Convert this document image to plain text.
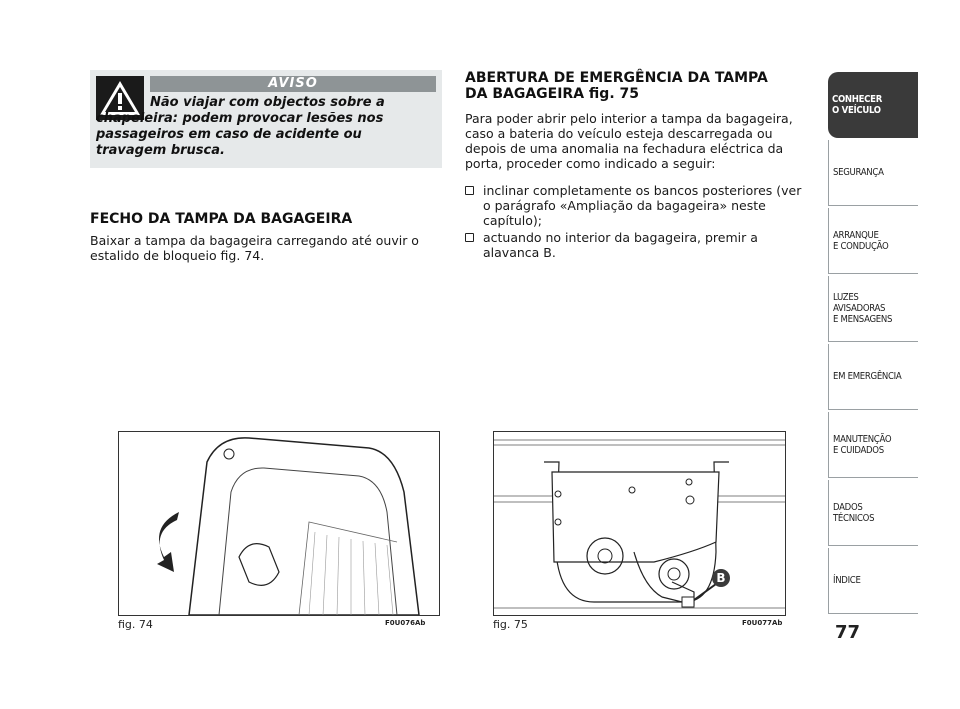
AVISO
Não viajar com objectos sobre a chapeleira: podem provocar lesões nos passageiros em caso de acidente ou travagem brusca.
FECHO DA TAMPA DA BAGAGEIRA
Baixar a tampa da bagageira carregando até ouvir o estalido de bloqueio fig. 74.
ABERTURA DE EMERGÊNCIA DA TAMPA
DA BAGAGEIRA fig. 75
Para poder abrir pelo interior a tampa da bagageira, caso a bateria do veículo esteja descarregada ou depois de uma anomalia na fechadura eléctrica da porta, proceder como indicado a seguir:
inclinar completamente os bancos posteriores (ver o parágrafo «Ampliação da bagageira» neste capítulo);
actuando no interior da bagageira, premir a alavanca B.
fig. 74	F0U076Ab
B
fig. 75	F0U077Ab
CONHECER
O VEÍCULO
SEGURANÇA
ARRANQUE
E CONDUÇÃO
LUZES
AVISADORAS
E MENSAGENS
EM EMERGÊNCIA
MANUTENÇÃO
E CUIDADOS
DADOS
TÉCNICOS
ÍNDICE
77
